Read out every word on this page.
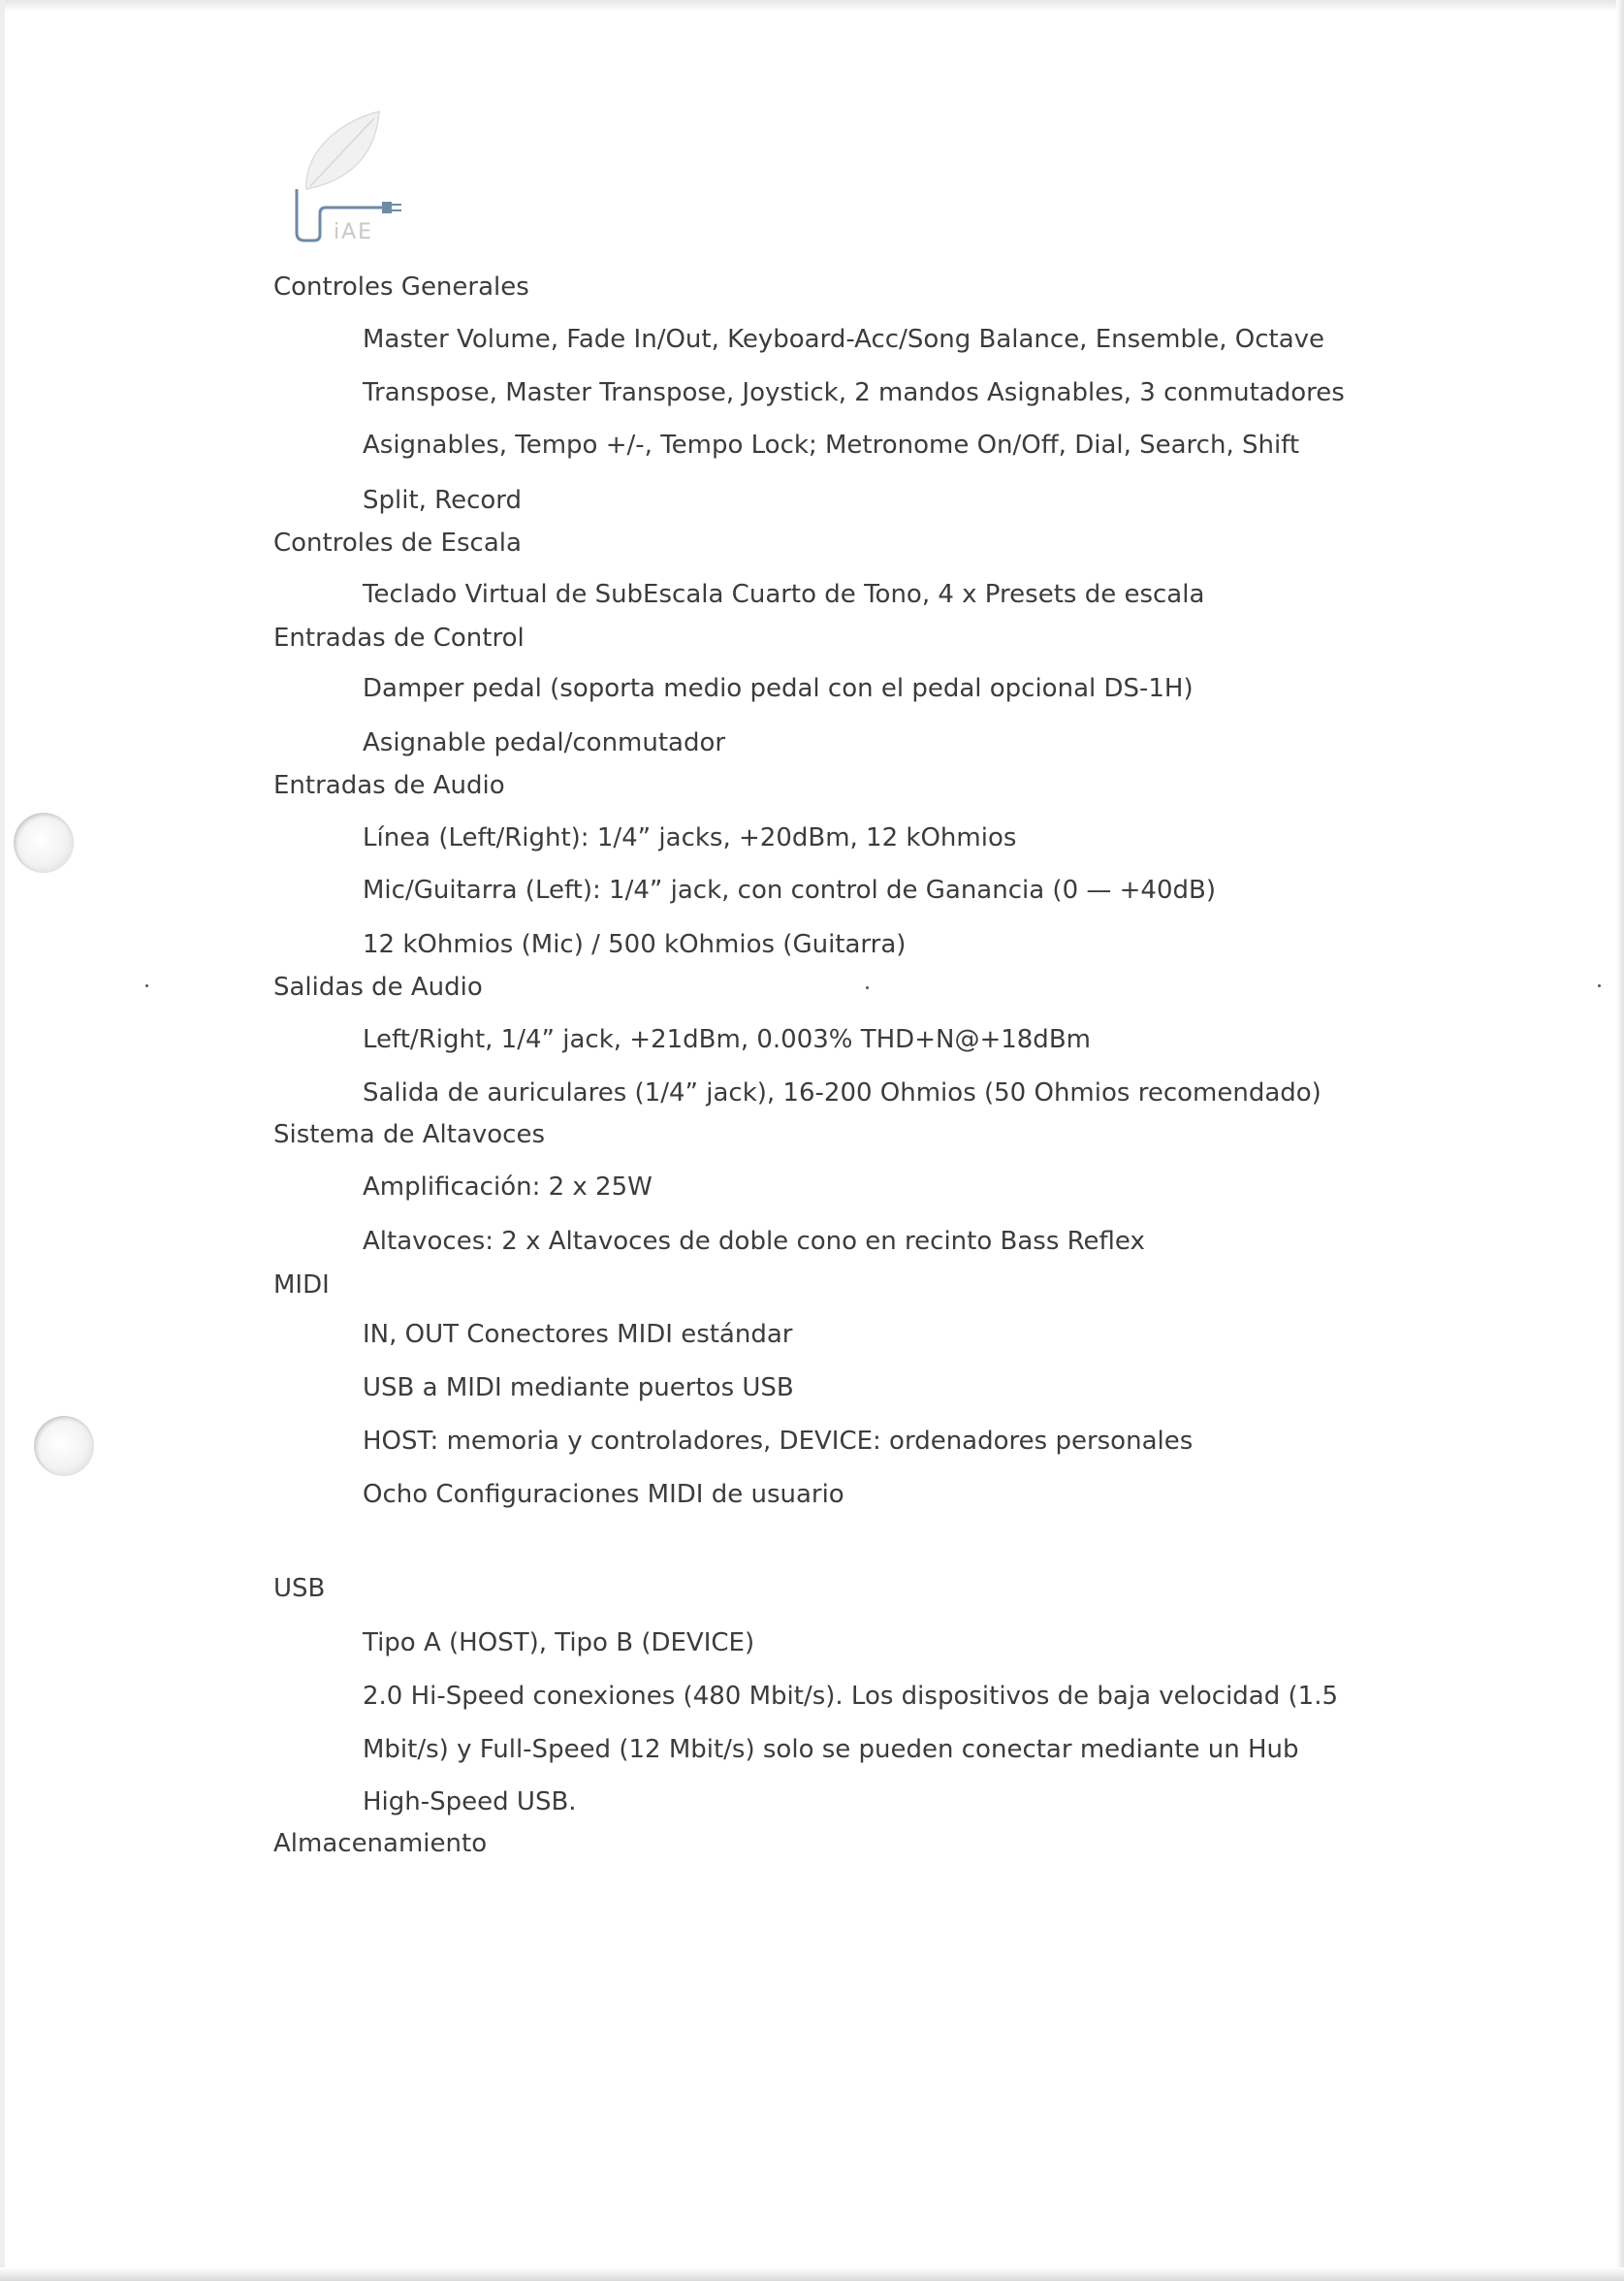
iAE
Controles Generales
Master Volume, Fade In/Out, Keyboard-Acc/Song Balance, Ensemble, Octave
Transpose, Master Transpose, Joystick, 2 mandos Asignables, 3 conmutadores
Asignables, Tempo +/-, Tempo Lock; Metronome On/Off, Dial, Search, Shift
Split, Record
Controles de Escala
Teclado Virtual de SubEscala Cuarto de Tono, 4 x Presets de escala
Entradas de Control
Damper pedal (soporta medio pedal con el pedal opcional DS-1H)
Asignable pedal/conmutador
Entradas de Audio
Línea (Left/Right): 1/4” jacks, +20dBm, 12 kOhmios
Mic/Guitarra (Left): 1/4” jack, con control de Ganancia (0 — +40dB)
12 kOhmios (Mic) / 500 kOhmios (Guitarra)
Salidas de Audio
Left/Right, 1/4” jack, +21dBm, 0.003% THD+N@+18dBm
Salida de auriculares (1/4” jack), 16-200 Ohmios (50 Ohmios recomendado)
Sistema de Altavoces
Amplificación: 2 x 25W
Altavoces: 2 x Altavoces de doble cono en recinto Bass Reflex
MIDI
IN, OUT Conectores MIDI estándar
USB a MIDI mediante puertos USB
HOST: memoria y controladores, DEVICE: ordenadores personales
Ocho Configuraciones MIDI de usuario
USB
Tipo A (HOST), Tipo B (DEVICE)
2.0 Hi-Speed conexiones (480 Mbit/s). Los dispositivos de baja velocidad (1.5
Mbit/s) y Full-Speed (12 Mbit/s) solo se pueden conectar mediante un Hub
High-Speed USB.
Almacenamiento
